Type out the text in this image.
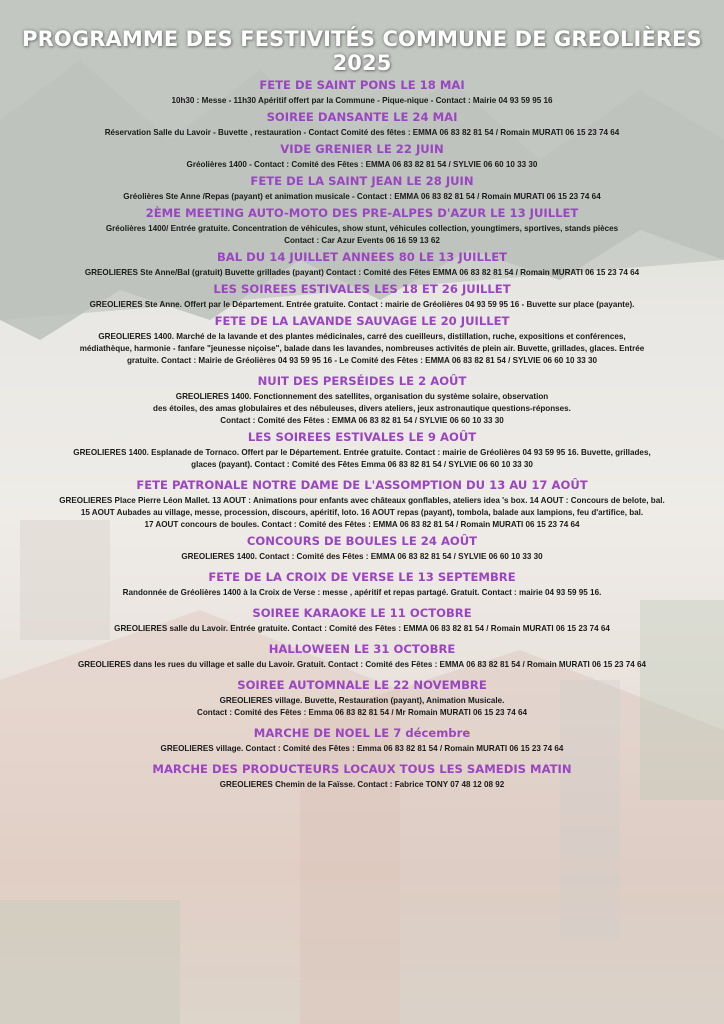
PROGRAMME DES FESTIVITÉS COMMUNE DE GREOLIÈRES 2025
FETE DE SAINT PONS LE 18 MAI
10h30 : Messe - 11h30 Apéritif offert par la Commune - Pique-nique - Contact : Mairie 04 93 59 95 16
SOIREE DANSANTE LE 24 MAI
Réservation Salle du Lavoir - Buvette , restauration - Contact Comité des fêtes : EMMA 06 83 82 81 54 / Romain MURATI 06 15 23 74 64
VIDE GRENIER LE 22 JUIN
Gréolières 1400 - Contact : Comité des Fêtes : EMMA 06 83 82 81 54 / SYLVIE 06 60 10 33 30
FETE DE LA SAINT JEAN LE 28 JUIN
Gréolières Ste Anne /Repas (payant) et animation musicale - Contact : EMMA 06 83 82 81 54 / Romain MURATI 06 15 23 74 64
2ÈME MEETING AUTO-MOTO DES PRE-ALPES D'AZUR LE 13 JUILLET
Gréolières 1400/ Entrée gratuite. Concentration de véhicules, show stunt, véhicules collection, youngtimers, sportives, stands pièces
Contact : Car Azur Events 06 16 59 13 62
BAL DU 14 JUILLET ANNEES 80 LE 13 JUILLET
GREOLIERES Ste Anne/Bal (gratuit) Buvette grillades (payant) Contact : Comité des Fêtes EMMA 06 83 82 81 54 / Romain MURATI 06 15 23 74 64
LES SOIREES ESTIVALES LES 18 ET 26 JUILLET
GREOLIERES Ste Anne. Offert par le Département. Entrée gratuite. Contact : mairie de Gréolières 04 93 59 95 16 - Buvette sur place (payante).
FETE DE LA LAVANDE SAUVAGE LE 20 JUILLET
GREOLIERES 1400. Marché de la lavande et des plantes médicinales, carré des cueilleurs, distillation, ruche, expositions et conférences,
médiathèque, harmonie - fanfare "jeunesse niçoise", balade dans les lavandes, nombreuses activités de plein air. Buvette, grillades, glaces. Entrée
gratuite. Contact : Mairie de Gréolières 04 93 59 95 16 - Le Comité des Fêtes : EMMA 06 83 82 81 54 / SYLVIE 06 60 10 33 30
NUIT DES PERSÉIDES LE 2 AOÛT
GREOLIERES 1400. Fonctionnement des satellites, organisation du système solaire, observation
des étoiles, des amas globulaires et des nébuleuses, divers ateliers, jeux astronautique questions-réponses.
Contact : Comité des Fêtes : EMMA 06 83 82 81 54 / SYLVIE 06 60 10 33 30
LES SOIREES ESTIVALES LE 9 AOÛT
GREOLIERES 1400. Esplanade de Tornaco. Offert par le Département. Entrée gratuite. Contact : mairie de Gréolières 04 93 59 95 16. Buvette, grillades,
glaces (payant). Contact : Comité des Fêtes Emma 06 83 82 81 54 / SYLVIE 06 60 10 33 30
FETE PATRONALE NOTRE DAME DE L'ASSOMPTION DU 13 AU 17 AOÛT
GREOLIERES Place Pierre Léon Mallet. 13 AOUT : Animations pour enfants avec châteaux gonflables, ateliers idea 's box. 14 AOUT : Concours de belote, bal.
15 AOUT Aubades au village, messe, procession, discours, apéritif, loto. 16 AOUT repas (payant), tombola, balade aux lampions, feu d'artifice, bal.
17 AOUT concours de boules. Contact : Comité des Fêtes : EMMA 06 83 82 81 54 / Romain MURATI 06 15 23 74 64
CONCOURS DE BOULES LE 24 AOÛT
GREOLIERES 1400. Contact : Comité des Fêtes : EMMA 06 83 82 81 54 / SYLVIE 06 60 10 33 30
FETE DE LA CROIX DE VERSE LE 13 SEPTEMBRE
Randonnée de Gréolières 1400 à la Croix de Verse : messe , apéritif et repas partagé. Gratuit. Contact : mairie 04 93 59 95 16.
SOIREE KARAOKE LE 11 OCTOBRE
GREOLIERES salle du Lavoir. Entrée gratuite. Contact : Comité des Fêtes : EMMA 06 83 82 81 54 / Romain MURATI 06 15 23 74 64
HALLOWEEN LE 31 OCTOBRE
GREOLIERES dans les rues du village et salle du Lavoir. Gratuit. Contact : Comité des Fêtes : EMMA 06 83 82 81 54 / Romain MURATI 06 15 23 74 64
SOIREE AUTOMNALE LE 22 NOVEMBRE
GREOLIERES village. Buvette, Restauration (payant), Animation Musicale.
Contact : Comité des Fêtes : Emma 06 83 82 81 54 / Mr Romain MURATI 06 15 23 74 64
MARCHE DE NOEL LE 7 décembre
GREOLIERES village. Contact : Comité des Fêtes : Emma 06 83 82 81 54 / Romain MURATI 06 15 23 74 64
MARCHE DES PRODUCTEURS LOCAUX TOUS LES SAMEDIS MATIN
GREOLIERES Chemin de la Faïsse. Contact : Fabrice TONY 07 48 12 08 92
